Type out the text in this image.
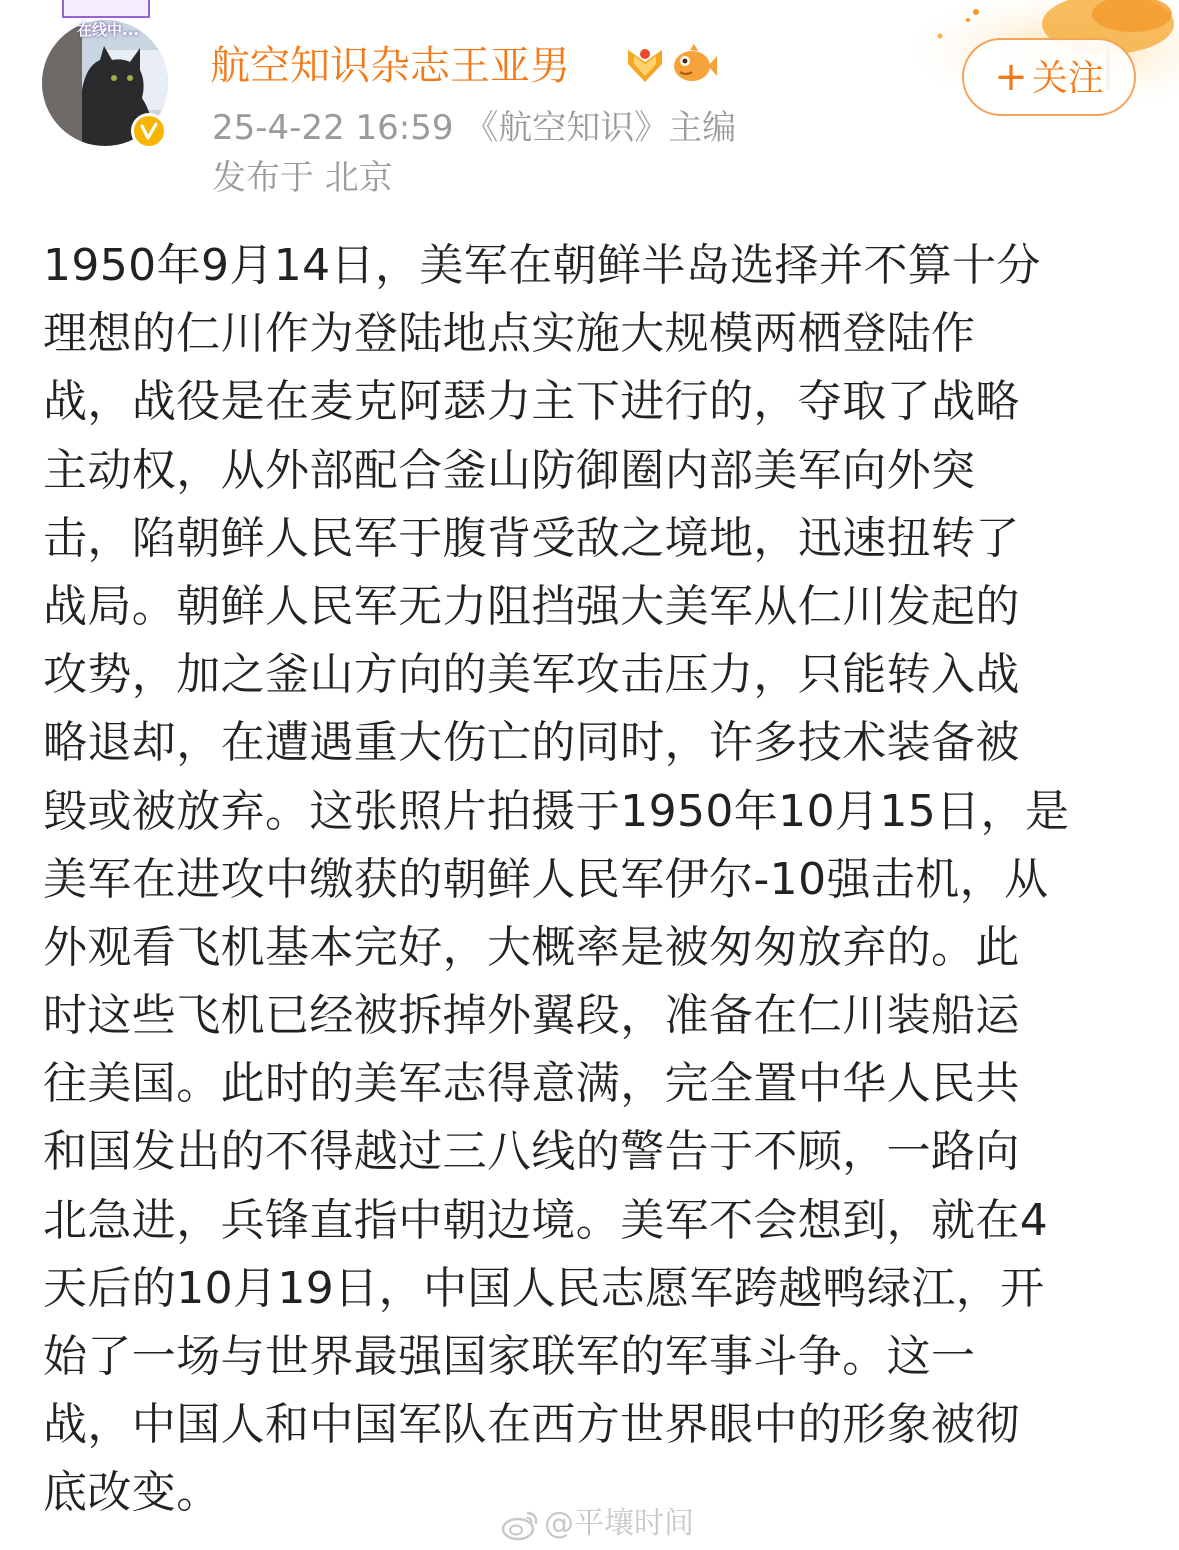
在线中...
航空知识杂志王亚男
25-4-22 16:59 《航空知识》主编
发布于 北京
+ 关注
1950年9月14日，美军在朝鲜半岛选择并不算十分
理想的仁川作为登陆地点实施大规模两栖登陆作
战，战役是在麦克阿瑟力主下进行的，夺取了战略
主动权，从外部配合釜山防御圈内部美军向外突
击，陷朝鲜人民军于腹背受敌之境地，迅速扭转了
战局。朝鲜人民军无力阻挡强大美军从仁川发起的
攻势，加之釜山方向的美军攻击压力，只能转入战
略退却，在遭遇重大伤亡的同时，许多技术装备被
毁或被放弃。这张照片拍摄于1950年10月15日，是
美军在进攻中缴获的朝鲜人民军伊尔-10强击机，从
外观看飞机基本完好，大概率是被匆匆放弃的。此
时这些飞机已经被拆掉外翼段，准备在仁川装船运
往美国。此时的美军志得意满，完全置中华人民共
和国发出的不得越过三八线的警告于不顾，一路向
北急进，兵锋直指中朝边境。美军不会想到，就在4
天后的10月19日，中国人民志愿军跨越鸭绿江，开
始了一场与世界最强国家联军的军事斗争。这一
战，中国人和中国军队在西方世界眼中的形象被彻
底改变。
@平壤时间
